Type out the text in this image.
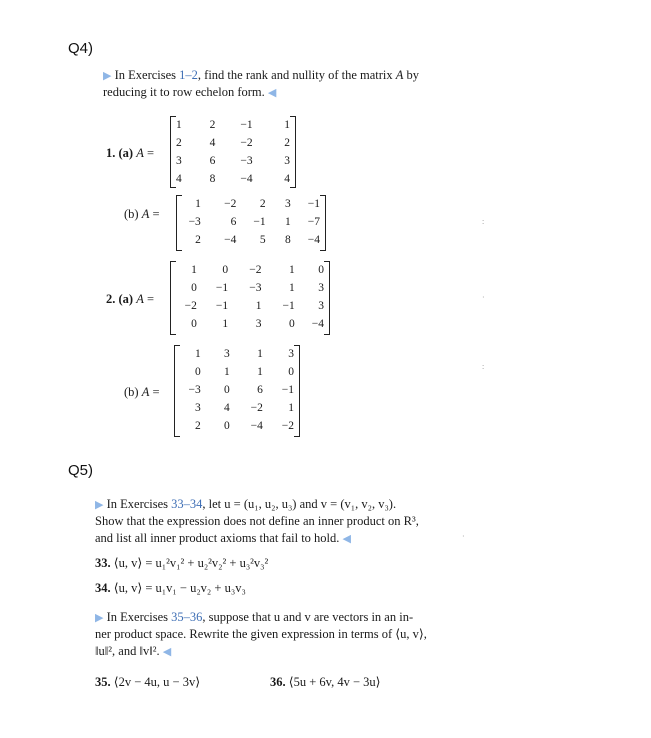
Q4)
▶ In Exercises 1–2, find the rank and nullity of the matrix A by
reducing it to row echelon form. ◀
1. (a) A =
1	2	−1	1
2	4	−2	2
3	6	−3	3
4	8	−4	4
(b) A =
1	−2	2	3	−1
−3	6	−1	1	−7
2	−4	5	8	−4
2. (a) A =
1	0	−2	1	0
0	−1	−3	1	3
−2	−1	1	−1	3
0	1	3	0	−4
(b) A =
1	3	1	3
0	1	1	0
−3	0	6	−1
3	4	−2	1
2	0	−4	−2
:
·
:
·
Q5)
▶ In Exercises 33–34, let u = (u₁, u₂, u₃) and v = (v₁, v₂, v₃).
Show that the expression does not define an inner product on R³,
and list all inner product axioms that fail to hold. ◀
33. ⟨u, v⟩ = u₁²v₁² + u₂²v₂² + u₃²v₃²
34. ⟨u, v⟩ = u₁v₁ − u₂v₂ + u₃v₃
▶ In Exercises 35–36, suppose that u and v are vectors in an in-
ner product space. Rewrite the given expression in terms of ⟨u, v⟩,
‖u‖², and ‖v‖². ◀
35. ⟨2v − 4u, u − 3v⟩	36. ⟨5u + 6v, 4v − 3u⟩
